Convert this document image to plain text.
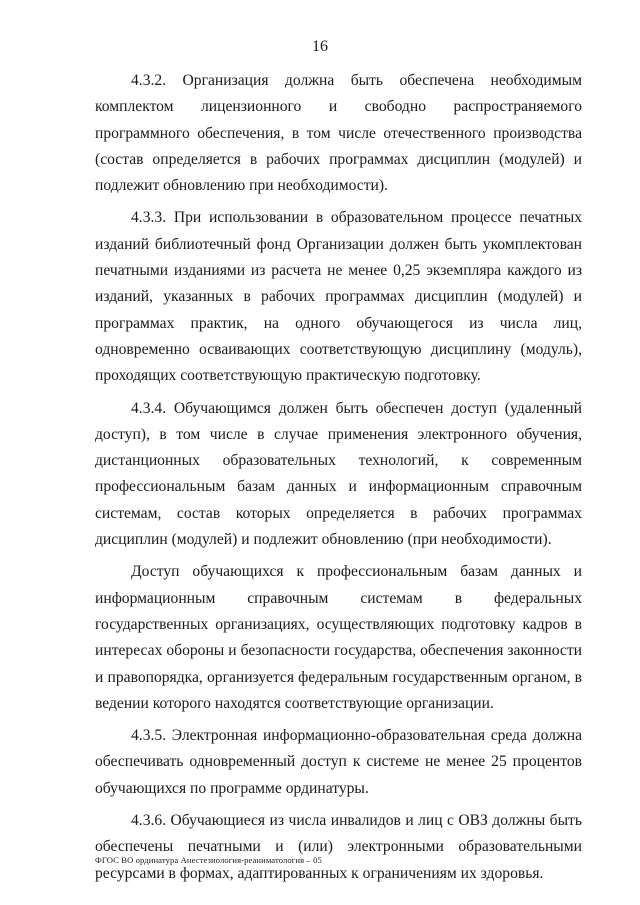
16

4.3.2. Организация должна быть обеспечена необходимым комплектом лицензионного и свободно распространяемого программного обеспечения, в том числе отечественного производства (состав определяется в рабочих программах дисциплин (модулей) и подлежит обновлению при необходимости).

4.3.3. При использовании в образовательном процессе печатных изданий библиотечный фонд Организации должен быть укомплектован печатными изданиями из расчета не менее 0,25 экземпляра каждого из изданий, указанных в рабочих программах дисциплин (модулей) и программах практик, на одного обучающегося из числа лиц, одновременно осваивающих соответствующую дисциплину (модуль), проходящих соответствующую практическую подготовку.

4.3.4. Обучающимся должен быть обеспечен доступ (удаленный доступ), в том числе в случае применения электронного обучения, дистанционных образовательных технологий, к современным профессиональным базам данных и информационным справочным системам, состав которых определяется в рабочих программах дисциплин (модулей) и подлежит обновлению (при необходимости).

Доступ обучающихся к профессиональным базам данных и информационным справочным системам в федеральных государственных организациях, осуществляющих подготовку кадров в интересах обороны и безопасности государства, обеспечения законности и правопорядка, организуется федеральным государственным органом, в ведении которого находятся соответствующие организации.

4.3.5. Электронная информационно-образовательная среда должна обеспечивать одновременный доступ к системе не менее 25 процентов обучающихся по программе ординатуры.

4.3.6. Обучающиеся из числа инвалидов и лиц с ОВЗ должны быть обеспечены печатными и (или) электронными образовательными ресурсами в формах, адаптированных к ограничениям их здоровья.

ФГОС ВО ординатура Анестезиология-реаниматология – 05
